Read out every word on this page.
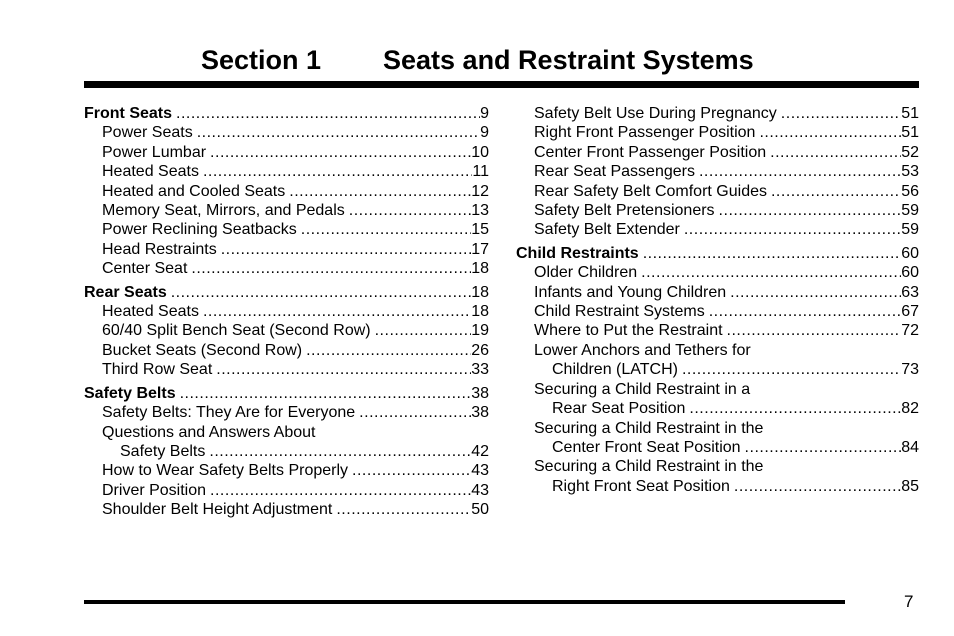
Section 1 Seats and Restraint Systems
Front Seats .....	9
Power Seats .....	9
Power Lumbar .....	10
Heated Seats .....	11
Heated and Cooled Seats .....	12
Memory Seat, Mirrors, and Pedals .....	13
Power Reclining Seatbacks .....	15
Head Restraints .....	17
Center Seat .....	18
Rear Seats .....	18
Heated Seats .....	18
60/40 Split Bench Seat (Second Row) .....	19
Bucket Seats (Second Row) .....	26
Third Row Seat .....	33
Safety Belts .....	38
Safety Belts: They Are for Everyone .....	38
Questions and Answers About
Safety Belts .....	42
How to Wear Safety Belts Properly .....	43
Driver Position .....	43
Shoulder Belt Height Adjustment .....	50
Safety Belt Use During Pregnancy .....	51
Right Front Passenger Position .....	51
Center Front Passenger Position .....	52
Rear Seat Passengers .....	53
Rear Safety Belt Comfort Guides .....	56
Safety Belt Pretensioners .....	59
Safety Belt Extender .....	59
Child Restraints .....	60
Older Children .....	60
Infants and Young Children .....	63
Child Restraint Systems .....	67
Where to Put the Restraint .....	72
Lower Anchors and Tethers for
Children (LATCH) .....	73
Securing a Child Restraint in a
Rear Seat Position .....	82
Securing a Child Restraint in the
Center Front Seat Position .....	84
Securing a Child Restraint in the
Right Front Seat Position .....	85
7
